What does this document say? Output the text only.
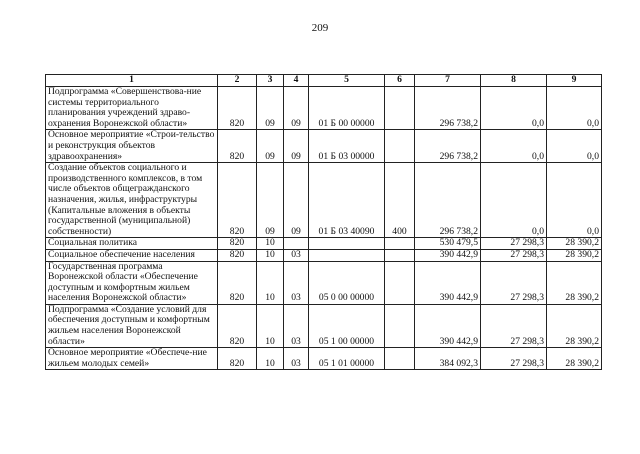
209
1	2	3	4	5	6	7	8	9
Подпрограмма «Совершенствова-ние системы территориального планирования учреждений здраво-охранения Воронежской области»	820	09	09	01 Б 00 00000		296 738,2	0,0	0,0
Основное мероприятие «Строи-тельство и реконструкция объектов здравоохранения»	820	09	09	01 Б 03 00000		296 738,2	0,0	0,0
Создание объектов социального и производственного комплексов, в том числе объектов общегражданского назначения, жилья, инфраструктуры (Капитальные вложения в объекты государственной (муниципальной) собственности)	820	09	09	01 Б 03 40090	400	296 738,2	0,0	0,0
Социальная политика	820	10				530 479,5	27 298,3	28 390,2
Социальное обеспечение населения	820	10	03			390 442,9	27 298,3	28 390,2
Государственная программа Воронежской области «Обеспечение доступным и комфортным жильем населения Воронежской области»	820	10	03	05 0 00 00000		390 442,9	27 298,3	28 390,2
Подпрограмма «Создание условий для обеспечения доступным и комфортным жильем населения Воронежской области»	820	10	03	05 1 00 00000		390 442,9	27 298,3	28 390,2
Основное мероприятие «Обеспече-ние жильем молодых семей»	820	10	03	05 1 01 00000		384 092,3	27 298,3	28 390,2
